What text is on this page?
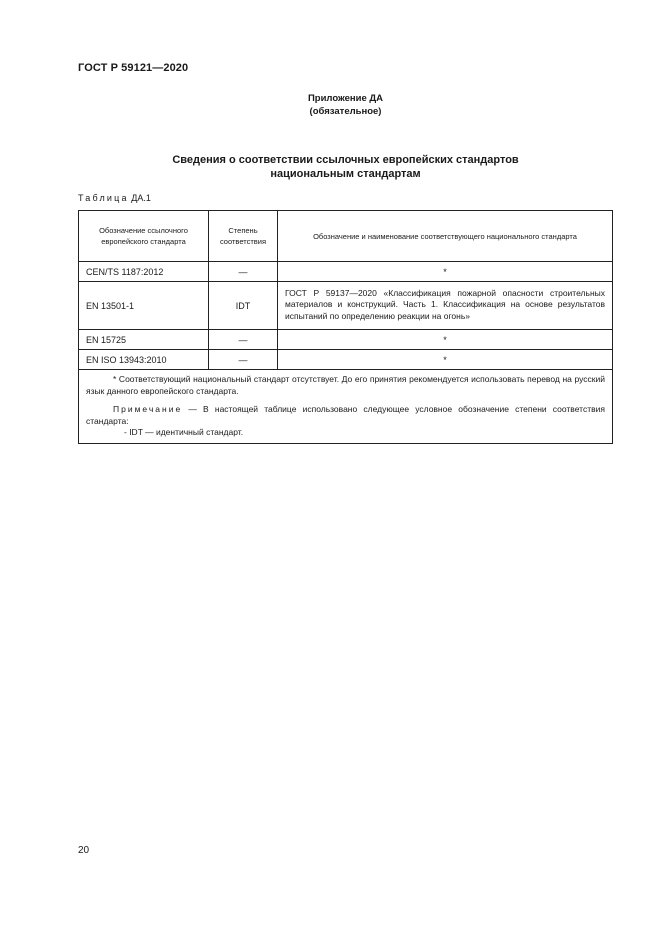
ГОСТ Р 59121—2020
Приложение ДА
(обязательное)
Сведения о соответствии ссылочных европейских стандартов
национальным стандартам
Таблица ДА.1
Обозначение ссылочного европейского стандарта	Степень соответствия	Обозначение и наименование соответствующего национального стандарта

CEN/TS 1187:2012	—	*
EN 13501-1	IDT	ГОСТ Р 59137—2020 «Классификация пожарной опасности строительных материалов и конструкций. Часть 1. Классификация на основе результатов испытаний по определению реакции на огонь»
EN 15725	—	*
EN ISO 13943:2010	—	*

* Соответствующий национальный стандарт отсутствует. До его принятия рекомендуется использовать перевод на русский язык данного европейского стандарта.

Примечание — В настоящей таблице использовано следующее условное обозначение степени соответствия стандарта:

- IDT — идентичный стандарт.		

20
